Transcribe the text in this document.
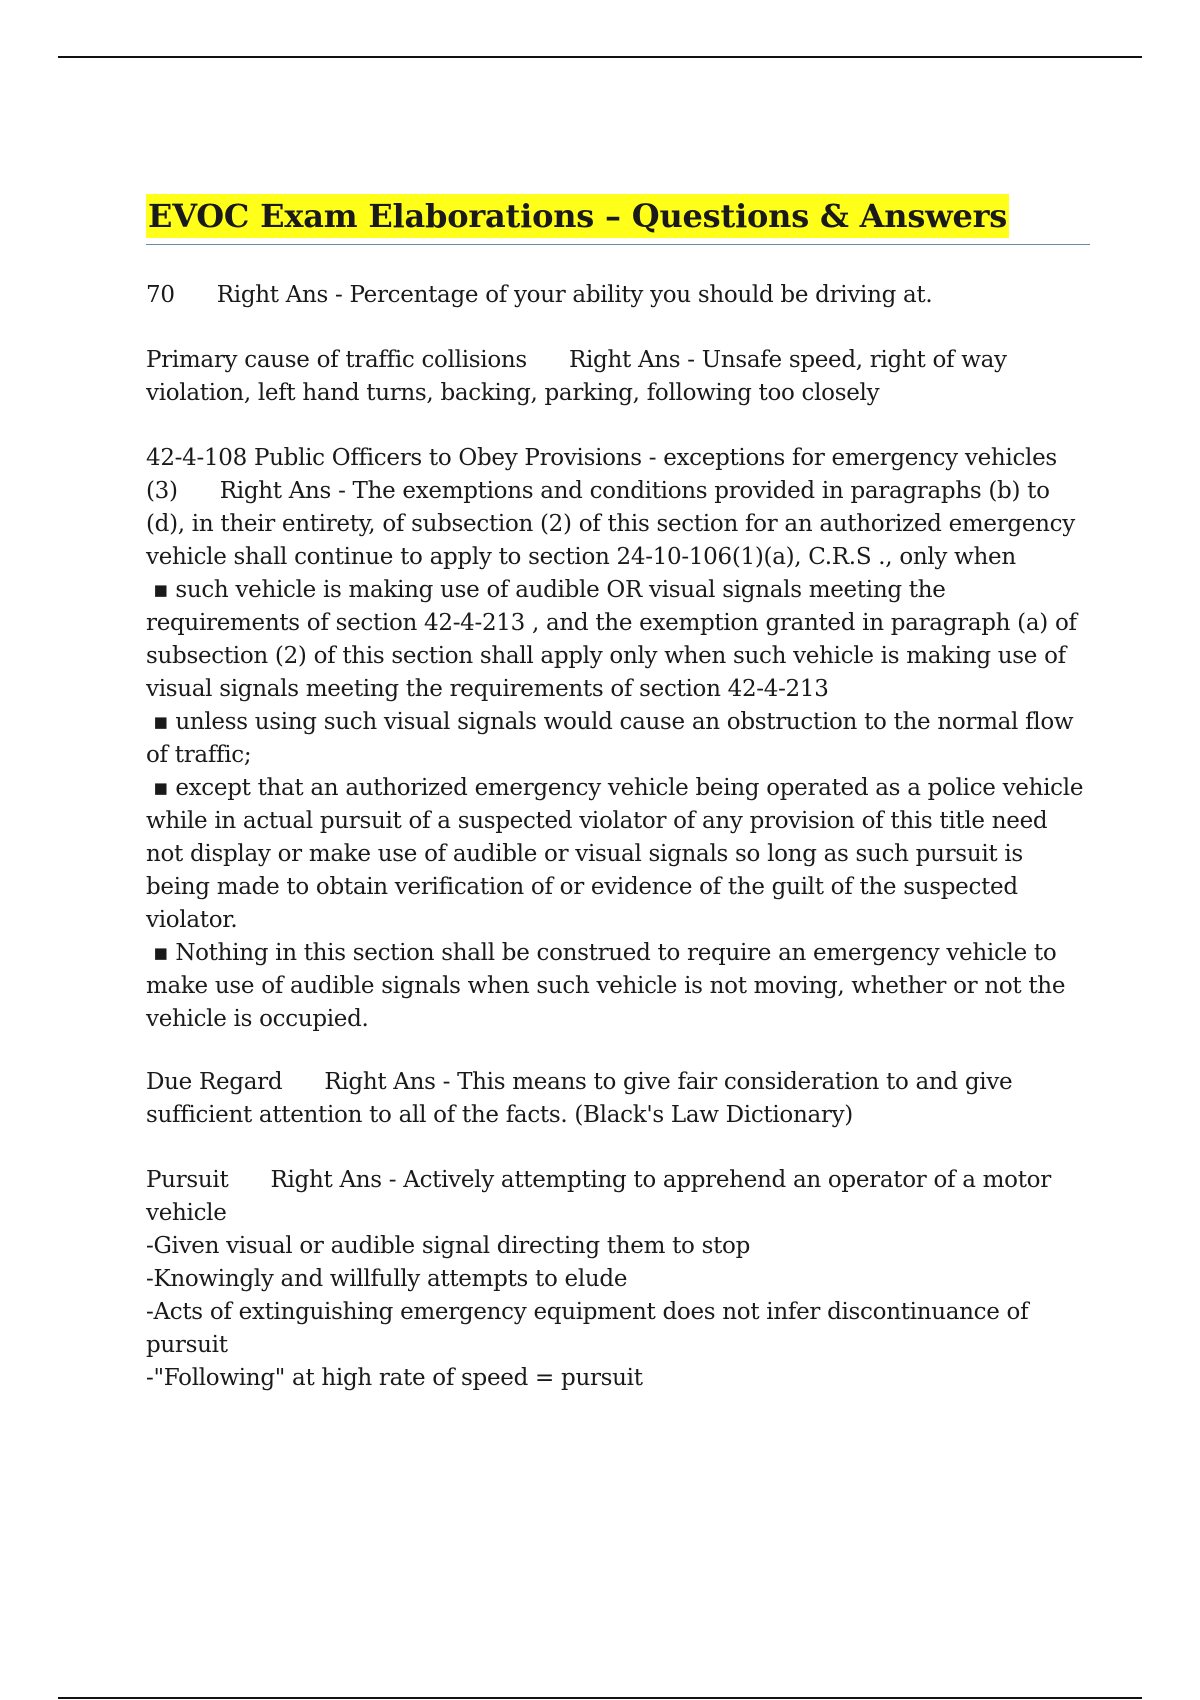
EVOC Exam Elaborations – Questions & Answers
70 Right Ans - Percentage of your ability you should be driving at.
Primary cause of traffic collisions Right Ans - Unsafe speed, right of way violation, left hand turns, backing, parking, following too closely
42-4-108 Public Officers to Obey Provisions - exceptions for emergency vehicles (3) Right Ans - The exemptions and conditions provided in paragraphs (b) to (d), in their entirety, of subsection (2) of this section for an authorized emergency vehicle shall continue to apply to section 24-10-106(1)(a), C.R.S ., only when
▪ such vehicle is making use of audible OR visual signals meeting the requirements of section 42-4-213 , and the exemption granted in paragraph (a) of subsection (2) of this section shall apply only when such vehicle is making use of visual signals meeting the requirements of section 42-4-213
▪ unless using such visual signals would cause an obstruction to the normal flow of traffic;
▪ except that an authorized emergency vehicle being operated as a police vehicle while in actual pursuit of a suspected violator of any provision of this title need not display or make use of audible or visual signals so long as such pursuit is being made to obtain verification of or evidence of the guilt of the suspected violator.
▪ Nothing in this section shall be construed to require an emergency vehicle to make use of audible signals when such vehicle is not moving, whether or not the vehicle is occupied.
Due Regard Right Ans - This means to give fair consideration to and give sufficient attention to all of the facts. (Black's Law Dictionary)
Pursuit Right Ans - Actively attempting to apprehend an operator of a motor vehicle
-Given visual or audible signal directing them to stop
-Knowingly and willfully attempts to elude
-Acts of extinguishing emergency equipment does not infer discontinuance of pursuit
-"Following" at high rate of speed = pursuit
